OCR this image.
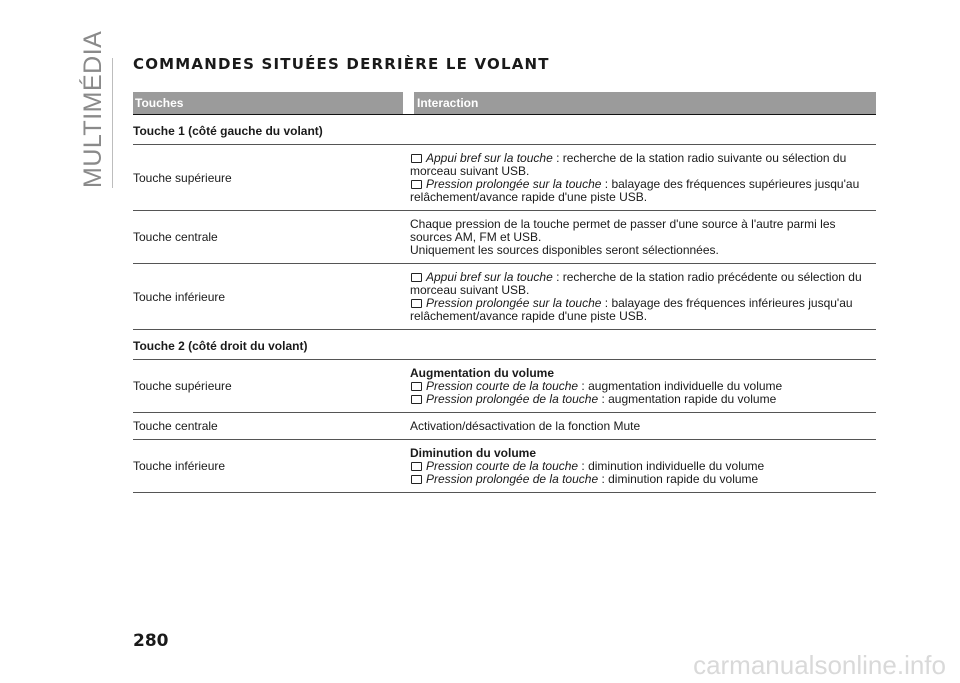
MULTIMÉDIA COMMANDES SITUÉES DERRIÈRE LE VOLANT
Touches	Interaction
Touche 1 (côté gauche du volant)
Touche supérieure
Appui bref sur la touche : recherche de la station radio suivante ou sélection du
morceau suivant USB.
Pression prolongée sur la touche : balayage des fréquences supérieures jusqu'au
relâchement/avance rapide d'une piste USB.
Touche centrale
Chaque pression de la touche permet de passer d'une source à l'autre parmi les
sources AM, FM et USB.
Uniquement les sources disponibles seront sélectionnées.
Touche inférieure
Appui bref sur la touche : recherche de la station radio précédente ou sélection du
morceau suivant USB.
Pression prolongée sur la touche : balayage des fréquences inférieures jusqu'au
relâchement/avance rapide d'une piste USB.
Touche 2 (côté droit du volant)
Touche supérieure
Augmentation du volume
Pression courte de la touche : augmentation individuelle du volume
Pression prolongée de la touche : augmentation rapide du volume
Touche centrale	Activation/désactivation de la fonction Mute
Touche inférieure
Diminution du volume
Pression courte de la touche : diminution individuelle du volume
Pression prolongée de la touche : diminution rapide du volume
280
carmanualsonline.info
